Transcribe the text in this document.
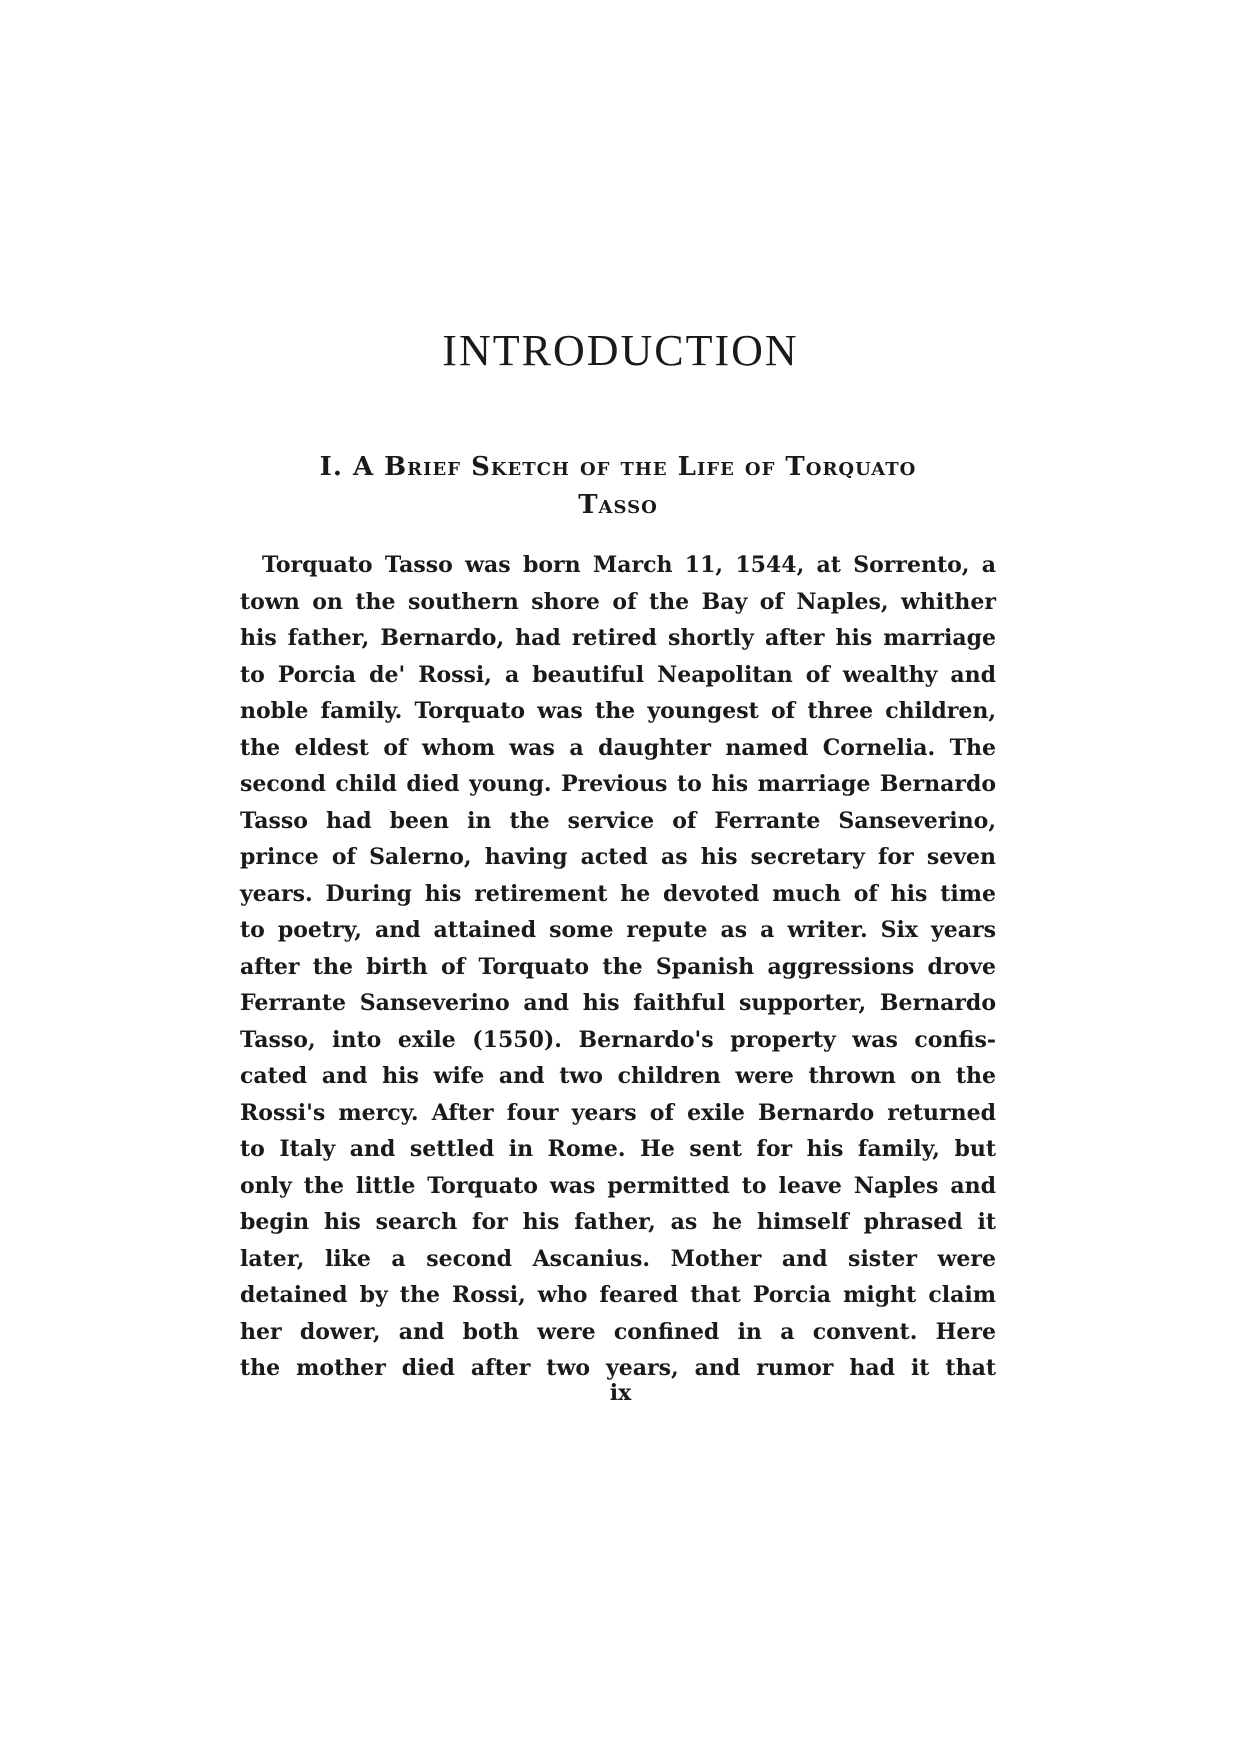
INTRODUCTION
I. A Brief Sketch of the Life of Torquato
Tasso
Torquato Tasso was born March 11, 1544, at Sorrento, a
town on the southern shore of the Bay of Naples, whither
his father, Bernardo, had retired shortly after his marriage
to Porcia de' Rossi, a beautiful Neapolitan of wealthy and
noble family. Torquato was the youngest of three children,
the eldest of whom was a daughter named Cornelia. The
second child died young. Previous to his marriage Bernardo
Tasso had been in the service of Ferrante Sanseverino,
prince of Salerno, having acted as his secretary for seven
years. During his retirement he devoted much of his time
to poetry, and attained some repute as a writer. Six years
after the birth of Torquato the Spanish aggressions drove
Ferrante Sanseverino and his faithful supporter, Bernardo
Tasso, into exile (1550). Bernardo's property was confis-
cated and his wife and two children were thrown on the
Rossi's mercy. After four years of exile Bernardo returned
to Italy and settled in Rome. He sent for his family, but
only the little Torquato was permitted to leave Naples and
begin his search for his father, as he himself phrased it
later, like a second Ascanius. Mother and sister were
detained by the Rossi, who feared that Porcia might claim
her dower, and both were confined in a convent. Here
the mother died after two years, and rumor had it that
ix
